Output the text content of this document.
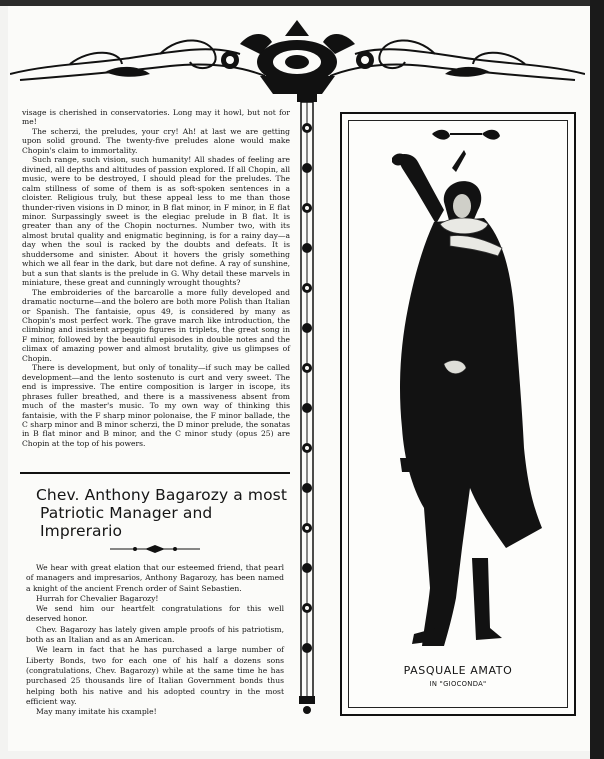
visage is cherished in conservatories. Long may it howl, but not for me!

The scherzi, the preludes, your cry! Ah! at last we are getting upon solid ground. The twenty-five preludes alone would make Chopin's claim to immortality.

Such range, such vision, such humanity! All shades of feeling are divined, all depths and altitudes of passion explored. If all Chopin, all music, were to be destroyed, I should plead for the preludes. The calm stillness of some of them is as soft-spoken sentences in a cloister. Religious truly, but these appeal less to me than those thunder-riven visions in D minor, in B flat minor, in F minor, in E flat minor. Surpassingly sweet is the elegiac prelude in B flat. It is greater than any of the Chopin nocturnes. Number two, with its almost brutal quality and enigmatic beginning, is for a rainy day—a day when the soul is racked by the doubts and defeats. It is shuddersome and sinister. About it hovers the grisly something which we all fear in the dark, but dare not define. A ray of sunshine, but a sun that slants is the prelude in G. Why detail these marvels in miniature, these great and cunningly wrought thoughts?

The embroideries of the barcarolle a more fully developed and dramatic nocturne—and the bolero are both more Polish than Italian or Spanish. The fantaisie, opus 49, is considered by many as Chopin's most perfect work. The grave march like introduction, the climbing and insistent arpeggio figures in triplets, the great song in F minor, followed by the beautiful episodes in double notes and the climax of amazing power and almost brutality, give us glimpses of Chopin.

There is development, but only of tonality—if such may be called development—and the lento sostenuto is curt and very sweet. The end is impressive. The entire composition is larger in iscope, its phrases fuller breathed, and there is a massiveness absent from much of the master's music. To my own way of thinking this fantaisie, with the F sharp minor polonaise, the F minor ballade, the C sharp minor and B minor scherzi, the D minor prelude, the sonatas in B flat minor and B minor, and the C minor study (opus 25) are Chopin at the top of his powers.

Chev. Anthony Bagarozy a most
Patriotic Manager and Imprerario

We hear with great elation that our esteemed friend, that pearl of managers and impresarios, Anthony Bagarozy, has been named a knight of the ancient French order of Saint Sebastien.

Hurrah for Chevalier Bagarozy!

We send him our heartfelt congratulations for this well deserved honor.

Chev. Bagarozy has lately given ample proofs of his patriotism, both as an Italian and as an American.

We learn in fact that he has purchased a large number of Liberty Bonds, two for each one of his half a dozens sons (congratulations, Chev. Bagarozy) while at the same time he has purchased 25 thousands lire of Italian Government bonds thus helping both his native and his adopted country in the most efficient way.

May many imitate his cxample!

PASQUALE AMATO
IN "GIOCONDA"
